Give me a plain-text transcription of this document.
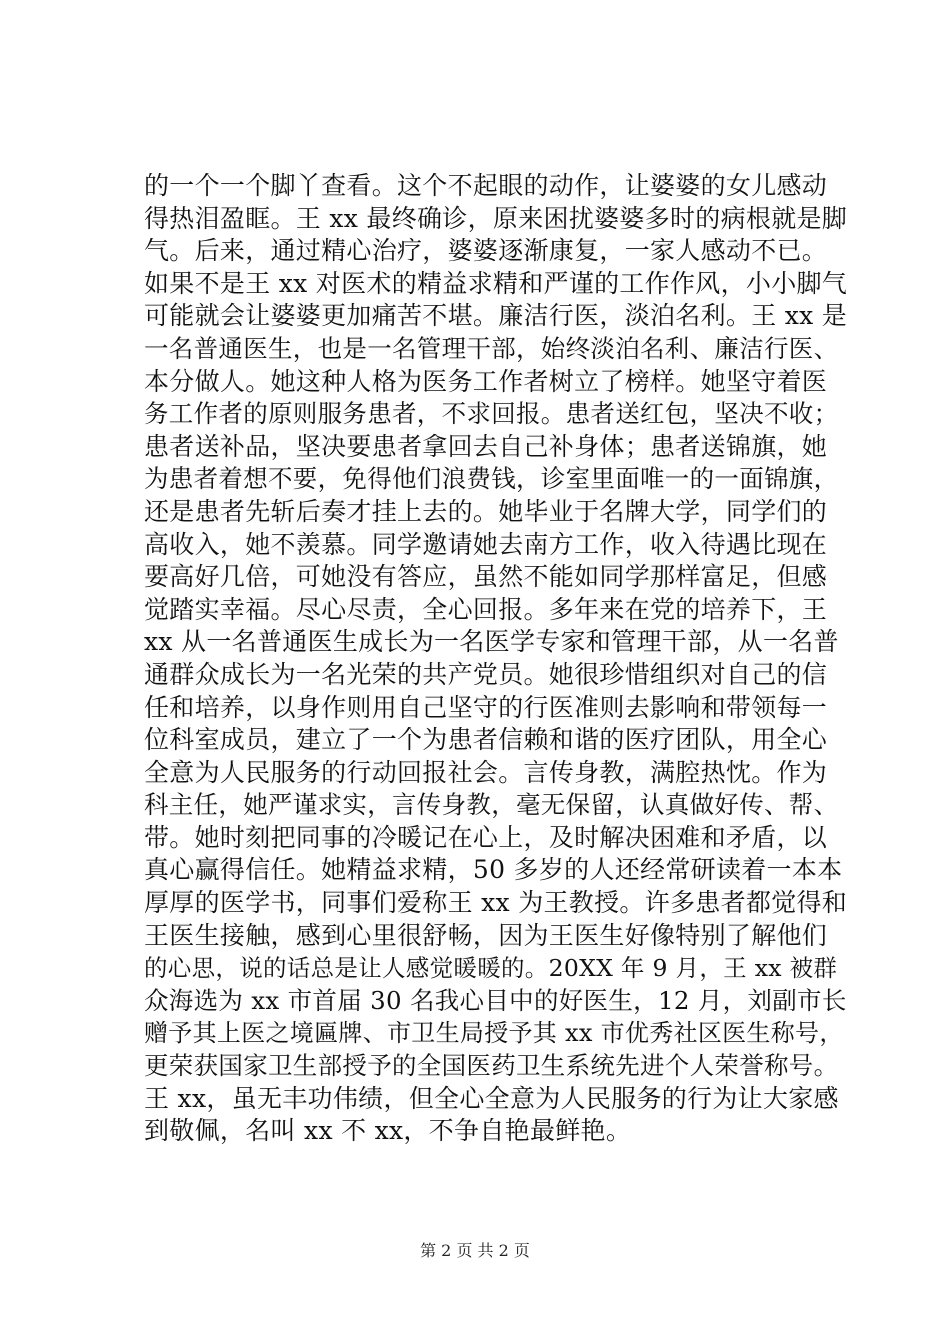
的一个一个脚丫查看。这个不起眼的动作，让婆婆的女儿感动
得热泪盈眶。王 xx 最终确诊，原来困扰婆婆多时的病根就是脚
气。后来，通过精心治疗，婆婆逐渐康复，一家人感动不已。
如果不是王 xx 对医术的精益求精和严谨的工作作风，小小脚气
可能就会让婆婆更加痛苦不堪。廉洁行医，淡泊名利。王 xx 是
一名普通医生，也是一名管理干部，始终淡泊名利、廉洁行医、
本分做人。她这种人格为医务工作者树立了榜样。她坚守着医
务工作者的原则服务患者，不求回报。患者送红包，坚决不收；
患者送补品，坚决要患者拿回去自己补身体；患者送锦旗，她
为患者着想不要，免得他们浪费钱，诊室里面唯一的一面锦旗，
还是患者先斩后奏才挂上去的。她毕业于名牌大学，同学们的
高收入，她不羡慕。同学邀请她去南方工作，收入待遇比现在
要高好几倍，可她没有答应，虽然不能如同学那样富足，但感
觉踏实幸福。尽心尽责，全心回报。多年来在党的培养下，王
xx 从一名普通医生成长为一名医学专家和管理干部，从一名普
通群众成长为一名光荣的共产党员。她很珍惜组织对自己的信
任和培养，以身作则用自己坚守的行医准则去影响和带领每一
位科室成员，建立了一个为患者信赖和谐的医疗团队，用全心
全意为人民服务的行动回报社会。言传身教，满腔热忱。作为
科主任，她严谨求实，言传身教，毫无保留，认真做好传、帮、
带。她时刻把同事的冷暖记在心上，及时解决困难和矛盾，以
真心赢得信任。她精益求精，50 多岁的人还经常研读着一本本
厚厚的医学书，同事们爱称王 xx 为王教授。许多患者都觉得和
王医生接触，感到心里很舒畅，因为王医生好像特别了解他们
的心思，说的话总是让人感觉暖暖的。20XX 年 9 月，王 xx 被群
众海选为 xx 市首届 30 名我心目中的好医生，12 月，刘副市长
赠予其上医之境匾牌、市卫生局授予其 xx 市优秀社区医生称号，
更荣获国家卫生部授予的全国医药卫生系统先进个人荣誉称号。
王 xx，虽无丰功伟绩，但全心全意为人民服务的行为让大家感
到敬佩，名叫 xx 不 xx，不争自艳最鲜艳。
第 2 页 共 2 页
